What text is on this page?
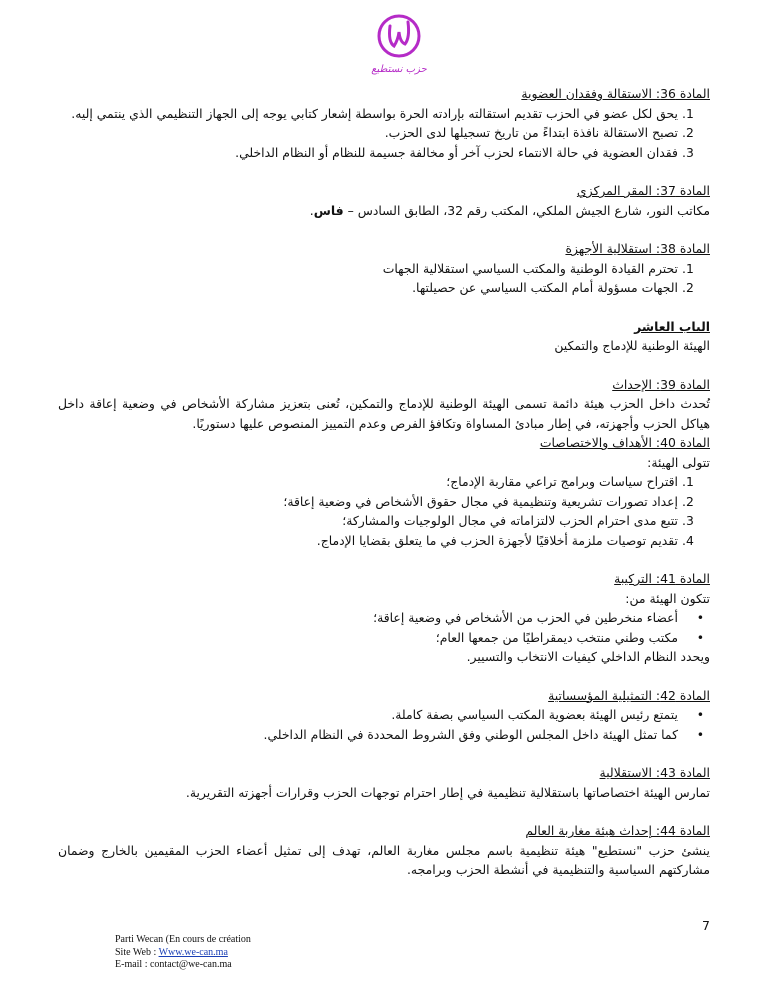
حزب نستطيع
المادة 36: الاستقالة وفقدان العضوية
يحق لكل عضو في الحزب تقديم استقالته بإرادته الحرة بواسطة إشعار كتابي يوجه إلى الجهاز التنظيمي الذي ينتمي إليه.
تصبح الاستقالة نافذة ابتداءً من تاريخ تسجيلها لدى الحزب.
فقدان العضوية في حالة الانتماء لحزب آخر أو مخالفة جسيمة للنظام أو النظام الداخلي.
المادة 37: المقر المركزي

مكاتب النور، شارع الجيش الملكي، المكتب رقم 32، الطابق السادس – فاس.

المادة 38: استقلالية الأجهزة
تحترم القيادة الوطنية والمكتب السياسي استقلالية الجهات
الجهات مسؤولة أمام المكتب السياسي عن حصيلتها.
الباب العاشر
الهيئة الوطنية للإدماج والتمكين
المادة 39: الإحداث

تُحدث داخل الحزب هيئة دائمة تسمى الهيئة الوطنية للإدماج والتمكين، تُعنى بتعزيز مشاركة الأشخاص في وضعية إعاقة داخل هياكل الحزب وأجهزته، في إطار مبادئ المساواة وتكافؤ الفرص وعدم التمييز المنصوص عليها دستوريًا.

المادة 40: الأهداف والاختصاصات
تتولى الهيئة:
اقتراح سياسات وبرامج تراعي مقاربة الإدماج؛
إعداد تصورات تشريعية وتنظيمية في مجال حقوق الأشخاص في وضعية إعاقة؛
تتبع مدى احترام الحزب لالتزاماته في مجال الولوجيات والمشاركة؛
تقديم توصيات ملزمة أخلاقيًا لأجهزة الحزب في ما يتعلق بقضايا الإدماج.
المادة 41: التركيبة
تتكون الهيئة من:
• أعضاء منخرطين في الحزب من الأشخاص في وضعية إعاقة؛
• مكتب وطني منتخب ديمقراطيًا من جمعها العام؛
ويحدد النظام الداخلي كيفيات الانتخاب والتسيير.
المادة 42: التمثيلية المؤسساتية
• يتمتع رئيس الهيئة بعضوية المكتب السياسي بصفة كاملة.
• كما تمثل الهيئة داخل المجلس الوطني وفق الشروط المحددة في النظام الداخلي.
المادة 43: الاستقلالية

تمارس الهيئة اختصاصاتها باستقلالية تنظيمية في إطار احترام توجهات الحزب وقرارات أجهزته التقريرية.

المادة 44: إحداث هيئة مغاربة العالم

ينشئ حزب "نستطيع" هيئة تنظيمية باسم مجلس مغاربة العالم، تهدف إلى تمثيل أعضاء الحزب المقيمين بالخارج وضمان مشاركتهم السياسية والتنظيمية في أنشطة الحزب وبرامجه.

7
Parti Wecan (En cours de création
Site Web : Www.we-can.ma
E-mail : contact@we-can.ma
